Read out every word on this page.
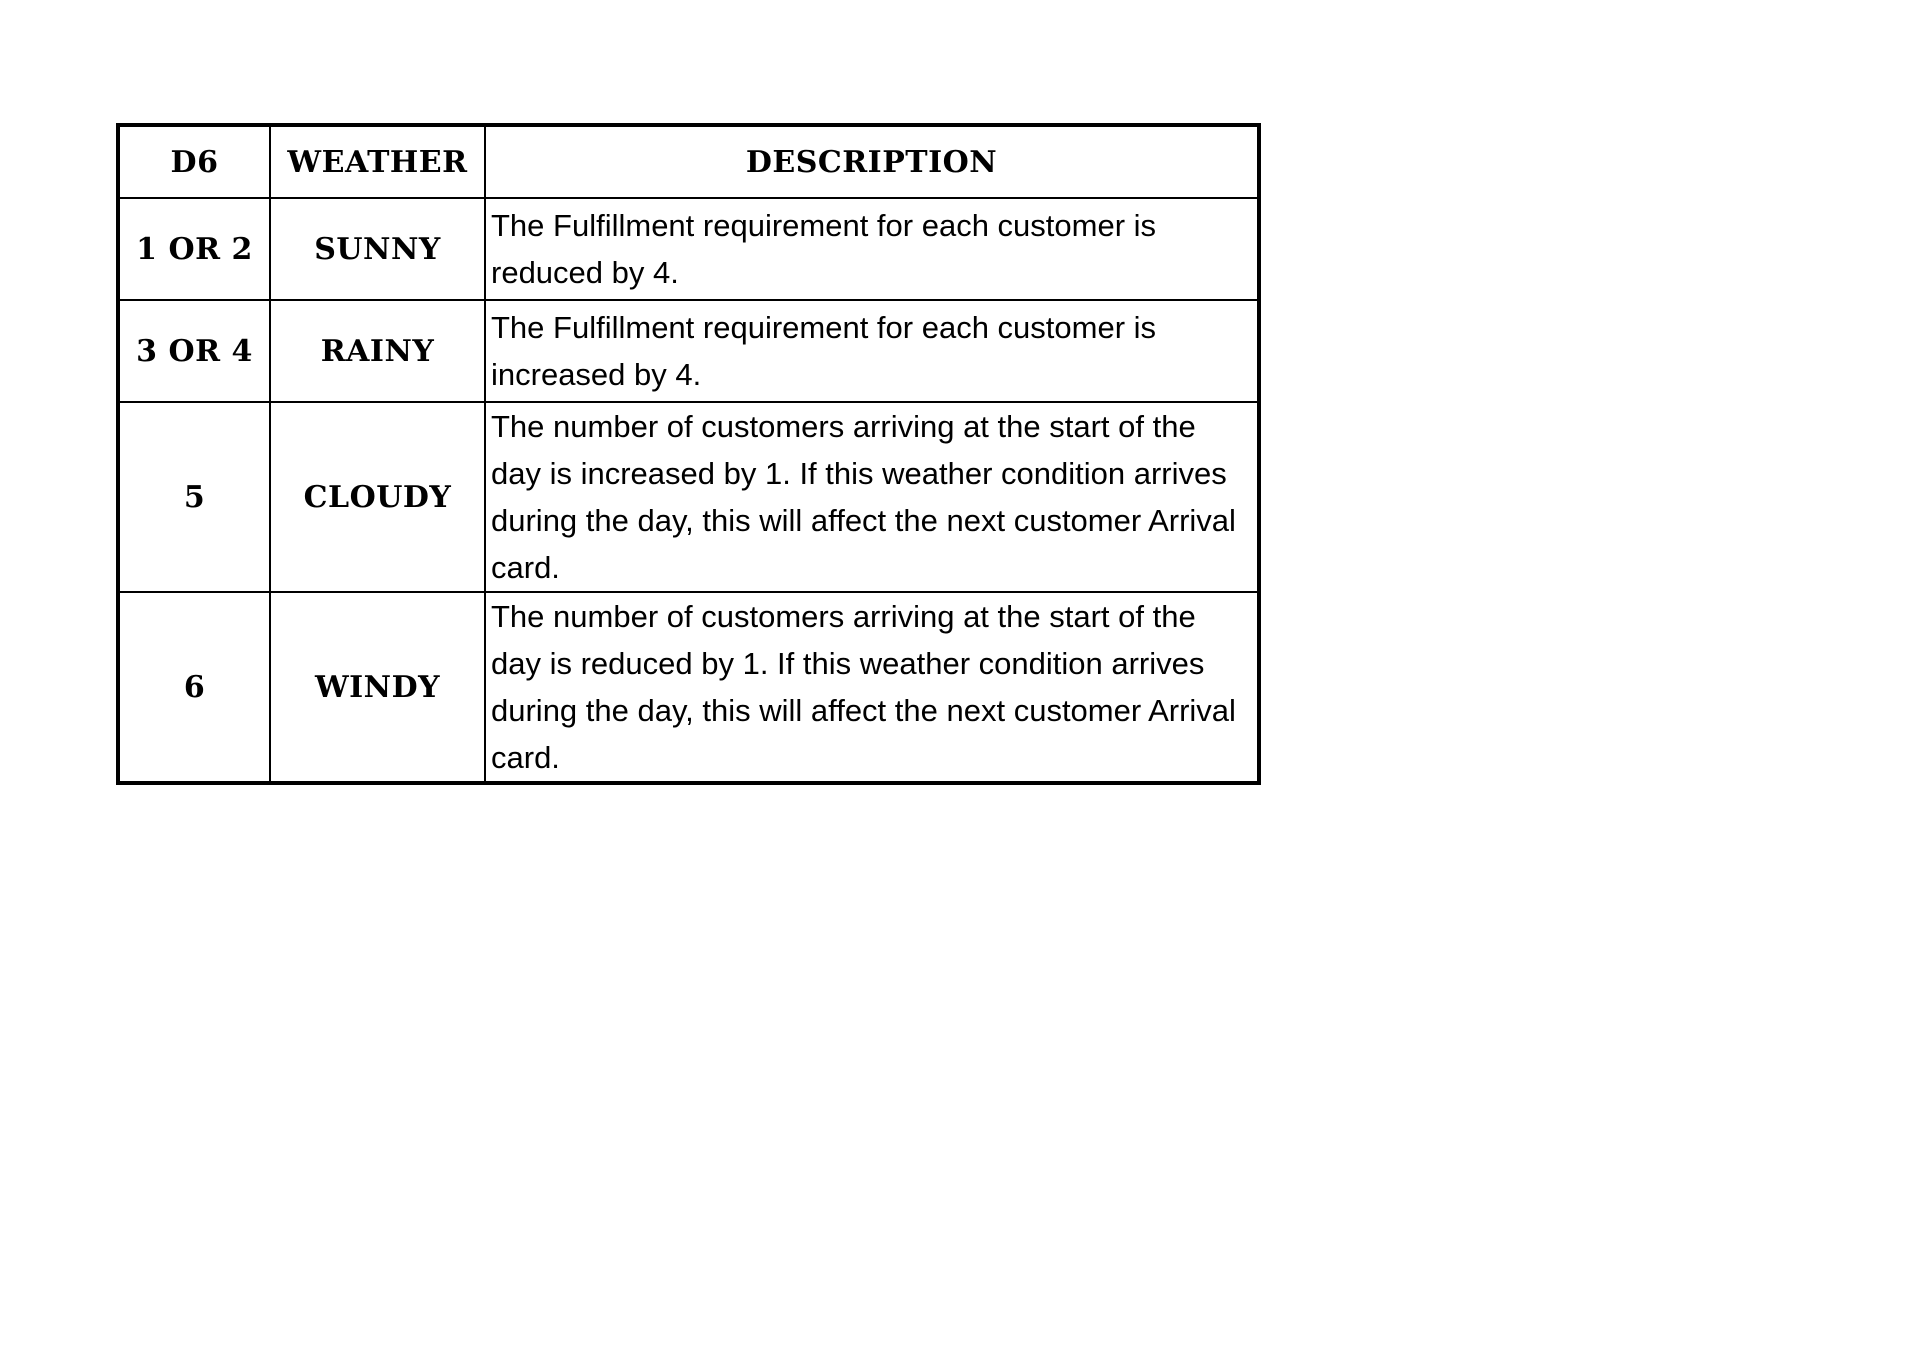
D6	WEATHER	DESCRIPTION
1 OR 2	SUNNY	The Fulfillment requirement for each customer is reduced by 4.
3 OR 4	RAINY	The Fulfillment requirement for each customer is increased by 4.
5	CLOUDY	The number of customers arriving at the start of the day is increased by 1. If this weather condition arrives during the day, this will affect the next customer Arrival card.
6	WINDY	The number of customers arriving at the start of the day is reduced by 1. If this weather condition arrives during the day, this will affect the next customer Arrival card.
